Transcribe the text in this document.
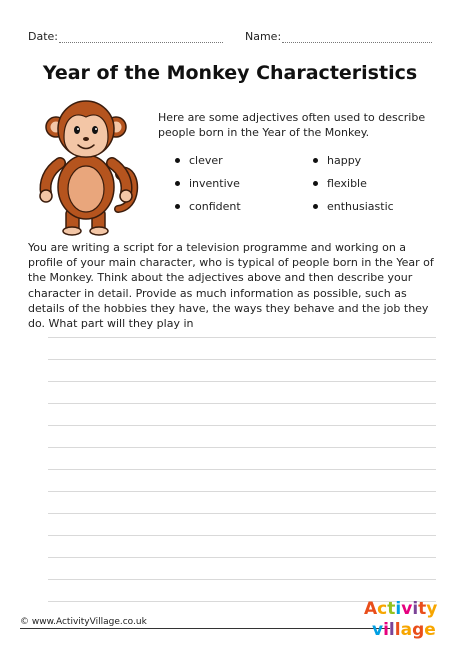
Date:	Name:
Year of the Monkey Characteristics
Here are some adjectives often used to describe people born in the Year of the Monkey.
clever	happy
inventive	flexible
confident	enthusiastic
You are writing a script for a television programme and working on a profile of your main character, who is typical of people born in the Year of the Monkey. Think about the adjectives above and then describe your character in detail. Provide as much information as possible, such as details of the hobbies they have, the ways they behave and the job they do. What part will they play in
© www.ActivityVillage.co.uk
Activity
village
